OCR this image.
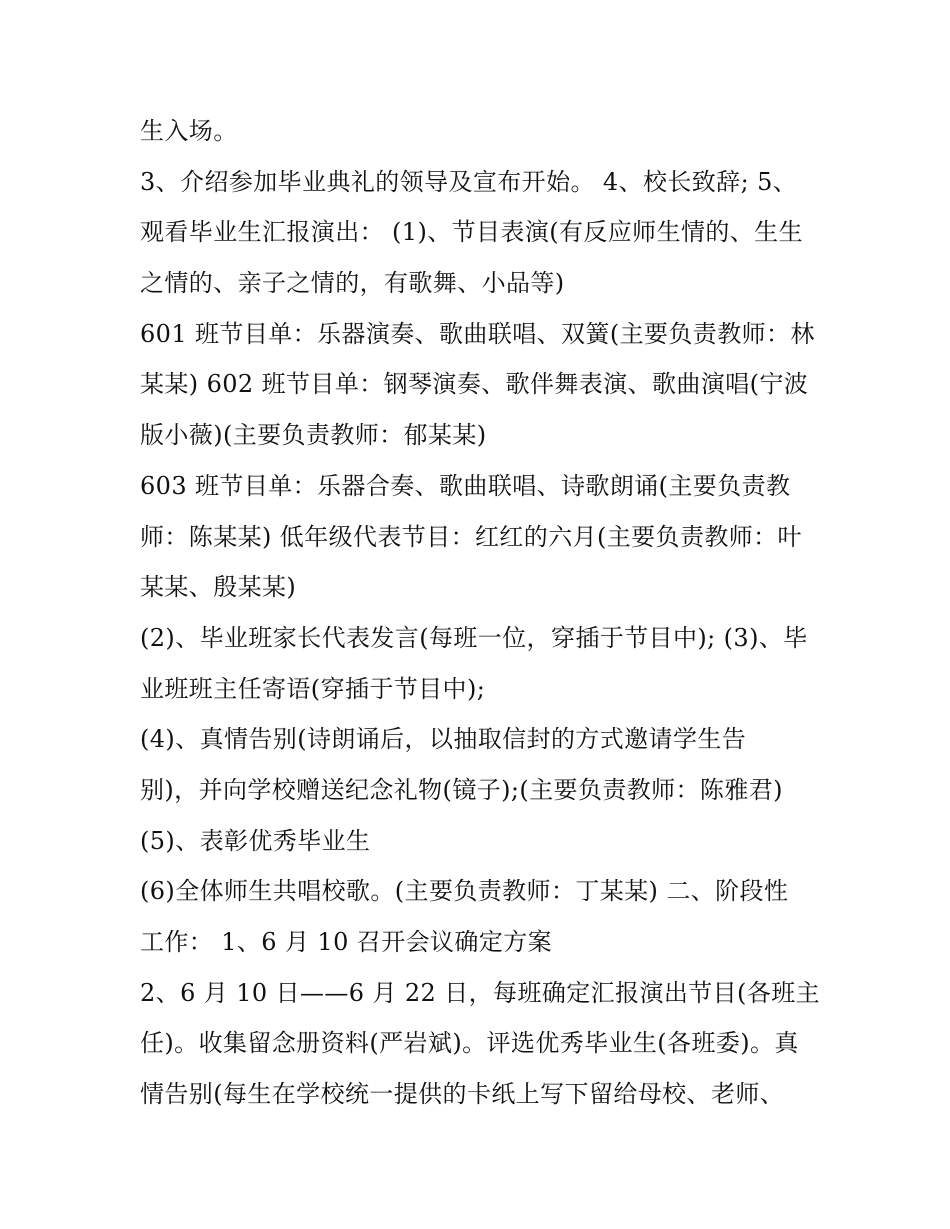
生入场。
3、介绍参加毕业典礼的领导及宣布开始。 4、校长致辞; 5、
观看毕业生汇报演出： (1)、节目表演(有反应师生情的、生生
之情的、亲子之情的，有歌舞、小品等)
601 班节目单：乐器演奏、歌曲联唱、双簧(主要负责教师：林
某某) 602 班节目单：钢琴演奏、歌伴舞表演、歌曲演唱(宁波
版小薇)(主要负责教师：郁某某)
603 班节目单：乐器合奏、歌曲联唱、诗歌朗诵(主要负责教
师：陈某某) 低年级代表节目：红红的六月(主要负责教师：叶
某某、殷某某)
(2)、毕业班家长代表发言(每班一位，穿插于节目中); (3)、毕
业班班主任寄语(穿插于节目中);
(4)、真情告别(诗朗诵后，以抽取信封的方式邀请学生告
别)，并向学校赠送纪念礼物(镜子);(主要负责教师：陈雅君)
(5)、表彰优秀毕业生
(6)全体师生共唱校歌。(主要负责教师：丁某某) 二、阶段性
工作： 1、6 月 10 召开会议确定方案
2、6 月 10 日——6 月 22 日，每班确定汇报演出节目(各班主
任)。收集留念册资料(严岩斌)。评选优秀毕业生(各班委)。真
情告别(每生在学校统一提供的卡纸上写下留给母校、老师、
